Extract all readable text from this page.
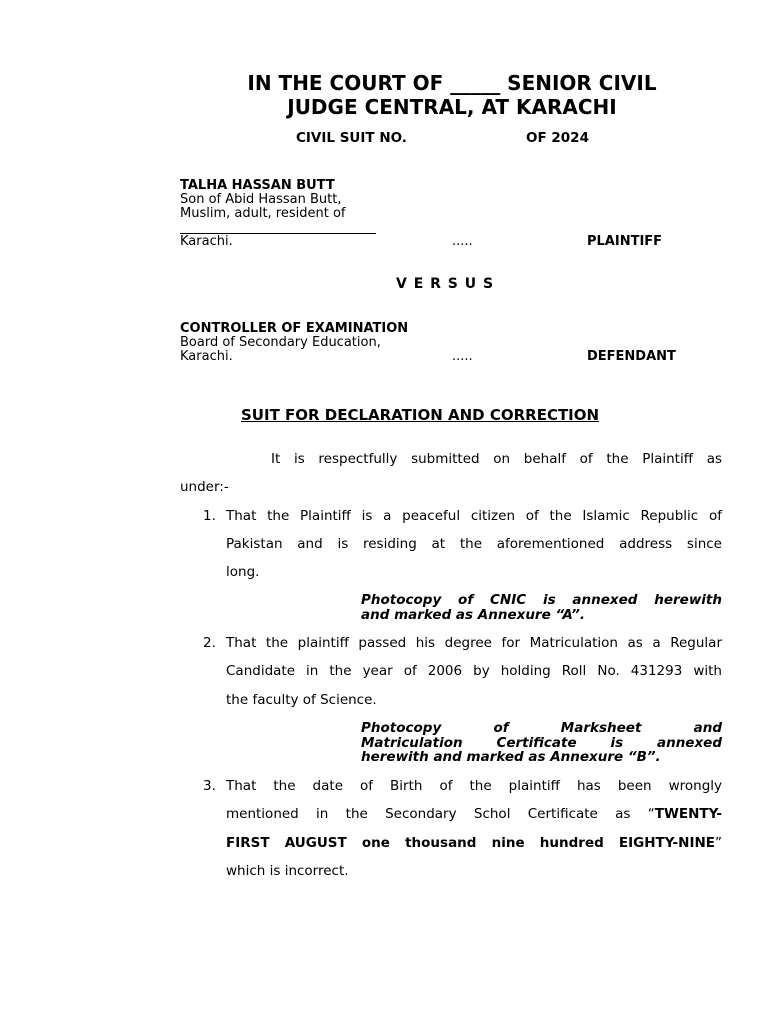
IN THE COURT OF _____ SENIOR CIVIL
JUDGE CENTRAL, AT KARACHI
CIVIL SUIT NO.	OF 2024
TALHA HASSAN BUTT
Son of Abid Hassan Butt,
Muslim, adult, resident of
Karachi.	.....	PLAINTIFF
V E R S U S
CONTROLLER OF EXAMINATION
Board of Secondary Education,
Karachi.	.....	DEFENDANT
SUIT FOR DECLARATION AND CORRECTION
It is respectfully submitted on behalf of the Plaintiff as
under:-
1. That the Plaintiff is a peaceful citizen of the Islamic Republic of
Pakistan and is residing at the aforementioned address since
long.
Photocopy of CNIC is annexed herewith
and marked as Annexure “A”.
2. That the plaintiff passed his degree for Matriculation as a Regular
Candidate in the year of 2006 by holding Roll No. 431293 with
the faculty of Science.
Photocopy of Marksheet and
Matriculation Certificate is annexed
herewith and marked as Annexure “B”.
3. That the date of Birth of the plaintiff has been wrongly
mentioned in the Secondary Schol Certificate as “TWENTY-
FIRST AUGUST one thousand nine hundred EIGHTY-NINE”
which is incorrect.
